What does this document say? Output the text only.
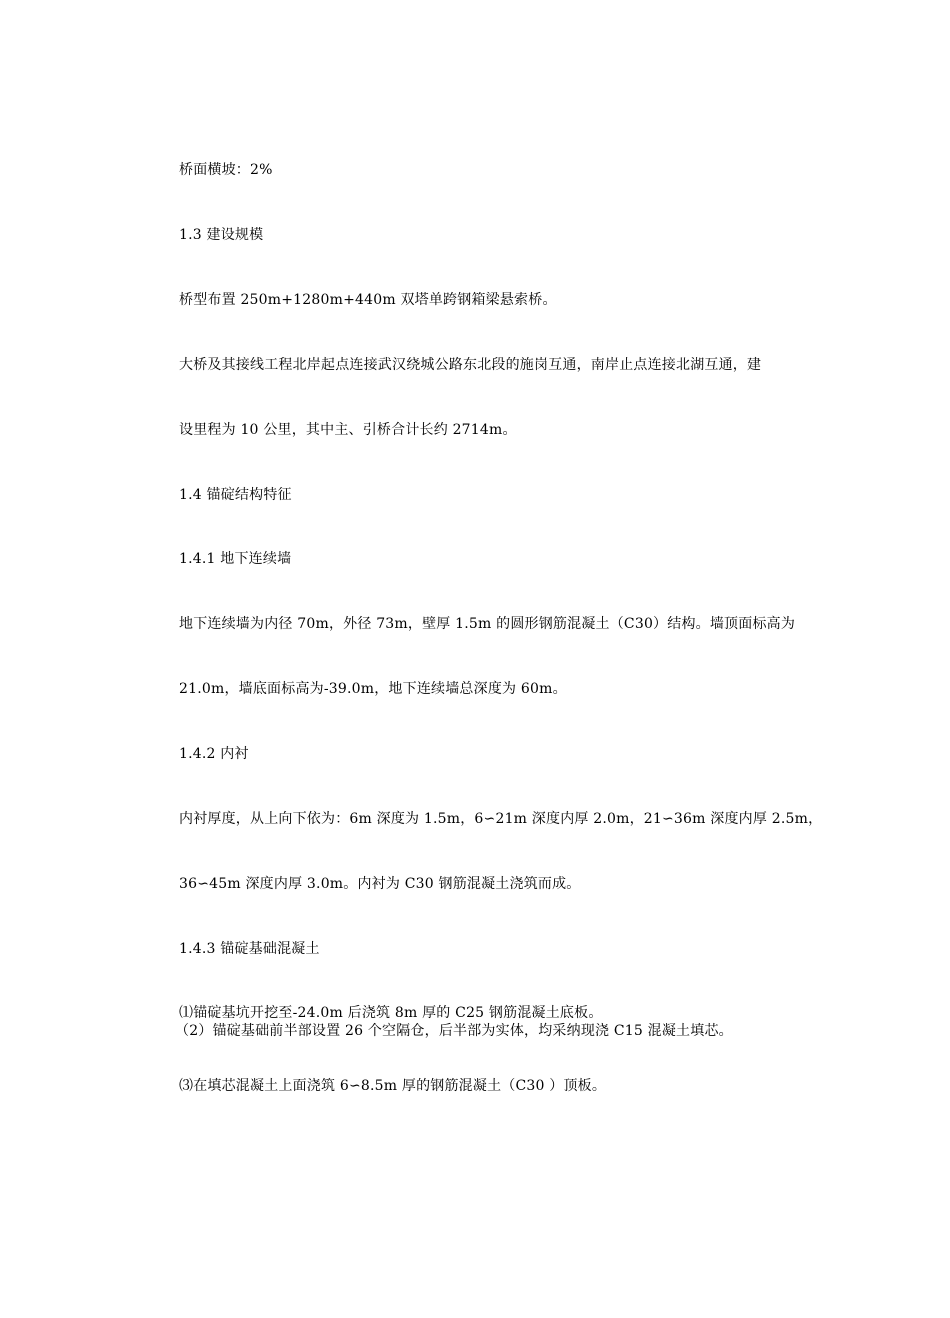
桥面横坡：2%
1.3 建设规模
桥型布置 250m+1280m+440m 双塔单跨钢箱梁悬索桥。
大桥及其接线工程北岸起点连接武汉绕城公路东北段的施岗互通，南岸止点连接北湖互通，建
设里程为 10 公里，其中主、引桥合计长约 2714m。
1.4 锚碇结构特征
1.4.1 地下连续墙
地下连续墙为内径 70m，外径 73m，壁厚 1.5m 的圆形钢筋混凝土（C30）结构。墙顶面标高为
21.0m，墙底面标高为-39.0m，地下连续墙总深度为 60m。
1.4.2 内衬
内衬厚度，从上向下依为：6m 深度为 1.5m，6∽21m 深度内厚 2.0m，21∽36m 深度内厚 2.5m，
36∽45m 深度内厚 3.0m。内衬为 C30 钢筋混凝土浇筑而成。
1.4.3 锚碇基础混凝土
⑴锚碇基坑开挖至-24.0m 后浇筑 8m 厚的 C25 钢筋混凝土底板。
（2）锚碇基础前半部设置 26 个空隔仓，后半部为实体，均采纳现浇 C15 混凝土填芯。
⑶在填芯混凝土上面浇筑 6∽8.5m 厚的钢筋混凝土（C30 ）顶板。
